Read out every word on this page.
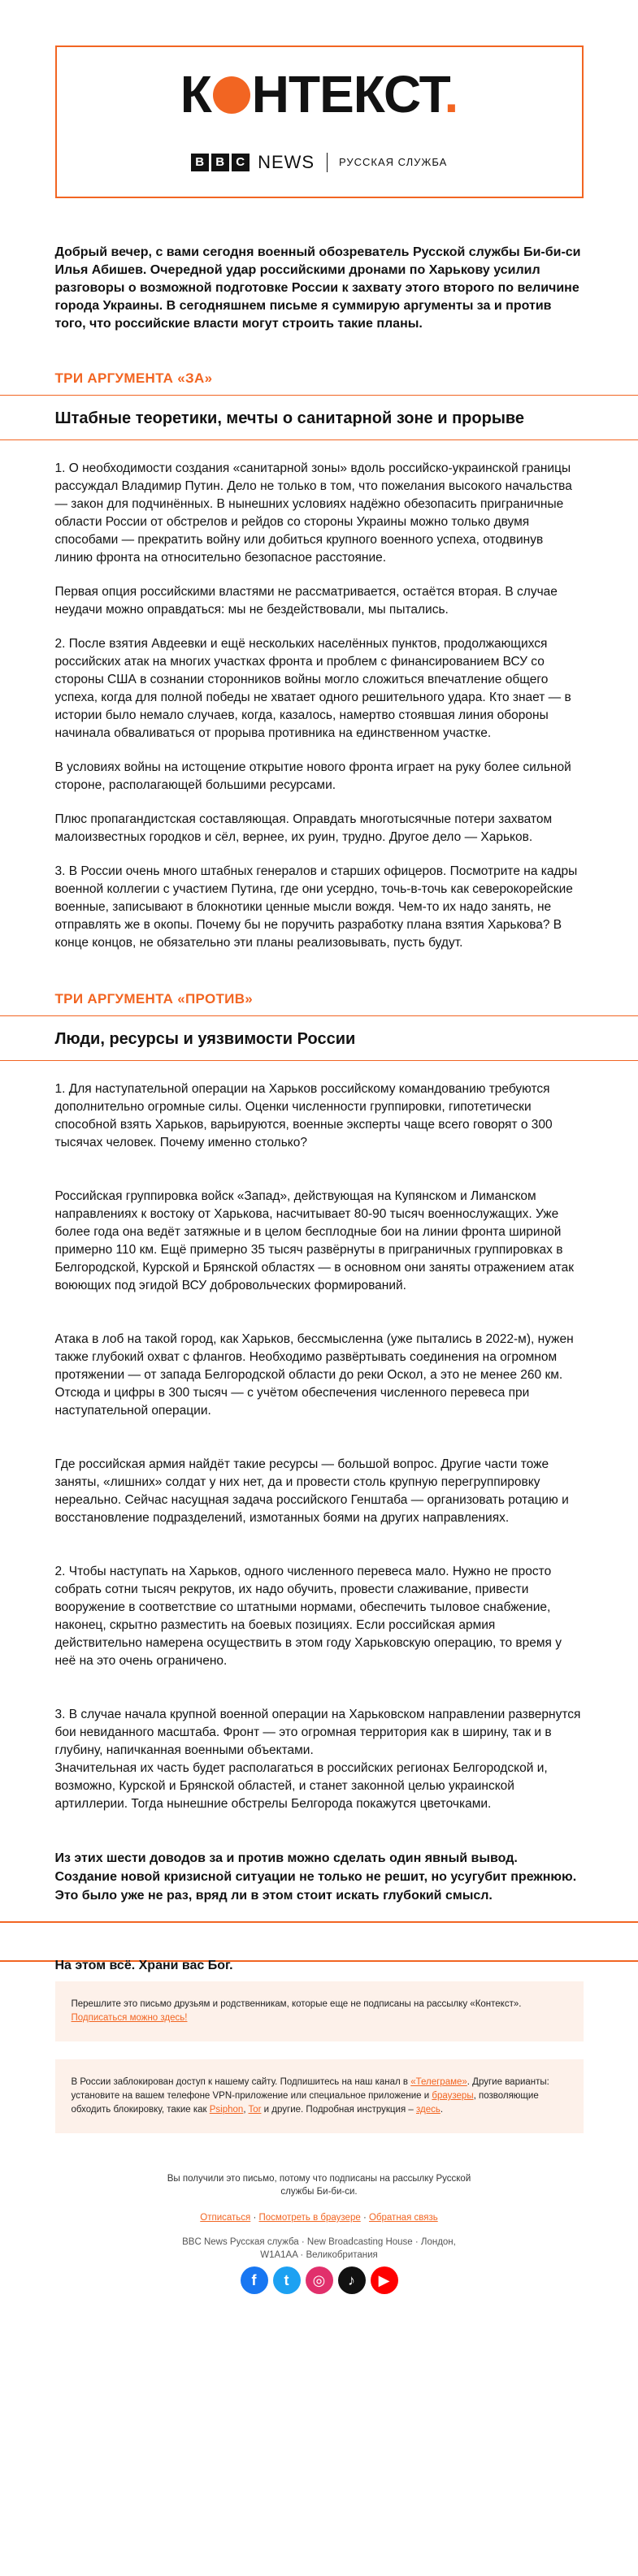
К НТЕКСТ.
B B C NEWS РУССКАЯ СЛУЖБА

Добрый вечер, с вами сегодня военный обозреватель Русской службы Би-би-си Илья Абишев. Очередной удар российскими дронами по Харькову усилил разговоры о возможной подготовке России к захвату этого второго по величине города Украины. В сегодняшнем письме я суммирую аргументы за и против того, что российские власти могут строить такие планы.

ТРИ АРГУМЕНТА «ЗА»
Штабные теоретики, мечты о санитарной зоне и прорыве

1. О необходимости создания «санитарной зоны» вдоль российско-украинской границы рассуждал Владимир Путин. Дело не только в том, что пожелания высокого начальства — закон для подчинённых. В нынешних условиях надёжно обезопасить приграничные области России от обстрелов и рейдов со стороны Украины можно только двумя способами — прекратить войну или добиться крупного военного успеха, отодвинув линию фронта на относительно безопасное расстояние.

Первая опция российскими властями не рассматривается, остаётся вторая. В случае неудачи можно оправдаться: мы не бездействовали, мы пытались.

2. После взятия Авдеевки и ещё нескольких населённых пунктов, продолжающихся российских атак на многих участках фронта и проблем с финансированием ВСУ со стороны США в сознании сторонников войны могло сложиться впечатление общего успеха, когда для полной победы не хватает одного решительного удара. Кто знает — в истории было немало случаев, когда, казалось, намертво стоявшая линия обороны начинала обваливаться от прорыва противника на единственном участке.

В условиях войны на истощение открытие нового фронта играет на руку более сильной стороне, располагающей большими ресурсами.

Плюс пропагандистская составляющая. Оправдать многотысячные потери захватом малоизвестных городков и сёл, вернее, их руин, трудно. Другое дело — Харьков.

3. В России очень много штабных генералов и старших офицеров. Посмотрите на кадры военной коллегии с участием Путина, где они усердно, точь-в-точь как северокорейские военные, записывают в блокнотики ценные мысли вождя. Чем-то их надо занять, не отправлять же в окопы. Почему бы не поручить разработку плана взятия Харькова? В конце концов, не обязательно эти планы реализовывать, пусть будут.

ТРИ АРГУМЕНТА «ПРОТИВ»
Люди, ресурсы и уязвимости России

1. Для наступательной операции на Харьков российскому командованию требуются дополнительно огромные силы. Оценки численности группировки, гипотетически способной взять Харьков, варьируются, военные эксперты чаще всего говорят о 300 тысячах человек. Почему именно столько?

Российская группировка войск «Запад», действующая на Купянском и Лиманском направлениях к востоку от Харькова, насчитывает 80-90 тысяч военнослужащих. Уже более года она ведёт затяжные и в целом бесплодные бои на линии фронта шириной примерно 110 км. Ещё примерно 35 тысяч развёрнуты в приграничных группировках в Белгородской, Курской и Брянской областях — в основном они заняты отражением атак воюющих под эгидой ВСУ добровольческих формирований.

Атака в лоб на такой город, как Харьков, бессмысленна (уже пытались в 2022-м), нужен также глубокий охват с флангов. Необходимо развёртывать соединения на огромном протяжении — от запада Белгородской области до реки Оскол, а это не менее 260 км. Отсюда и цифры в 300 тысяч — с учётом обеспечения численного перевеса при наступательной операции.

Где российская армия найдёт такие ресурсы — большой вопрос. Другие части тоже заняты, «лишних» солдат у них нет, да и провести столь крупную перегруппировку нереально. Сейчас насущная задача российского Генштаба — организовать ротацию и восстановление подразделений, измотанных боями на других направлениях.

2. Чтобы наступать на Харьков, одного численного перевеса мало. Нужно не просто собрать сотни тысяч рекрутов, их надо обучить, провести слаживание, привести вооружение в соответствие со штатными нормами, обеспечить тыловое снабжение, наконец, скрытно разместить на боевых позициях. Если российская армия действительно намерена осуществить в этом году Харьковскую операцию, то время у неё на это очень ограничено.

3. В случае начала крупной военной операции на Харьковском направлении развернутся бои невиданного масштаба. Фронт — это огромная территория как в ширину, так и в глубину, напичканная военными объектами.
Значительная их часть будет располагаться в российских регионах Белгородской и, возможно, Курской и Брянской областей, и станет законной целью украинской артиллерии. Тогда нынешние обстрелы Белгорода покажутся цветочками.

Из этих шести доводов за и против можно сделать один явный вывод. Создание новой кризисной ситуации не только не решит, но усугубит прежнюю. Это было уже не раз, вряд ли в этом стоит искать глубокий смысл.

На этом всё. Храни вас Бог.

Перешлите это письмо друзьям и родственникам, которые еще не подписаны на рассылку «Контекст».
Подписаться можно здесь!
В России заблокирован доступ к нашему сайту. Подпишитесь на наш канал в «Телеграме». Другие варианты: установите на вашем телефоне VPN-приложение или специальное приложение и браузеры, позволяющие обходить блокировку, такие как Psiphon, Tor и другие. Подробная инструкция – здесь.

Вы получили это письмо, потому что подписаны на рассылку Русской службы Би-би-си.

Отписаться · Посмотреть в браузере · Обратная связь

BBC News Русская служба · New Broadcasting House · Лондон, W1A1AA · Великобритания

f	t	◎	♪	▶
